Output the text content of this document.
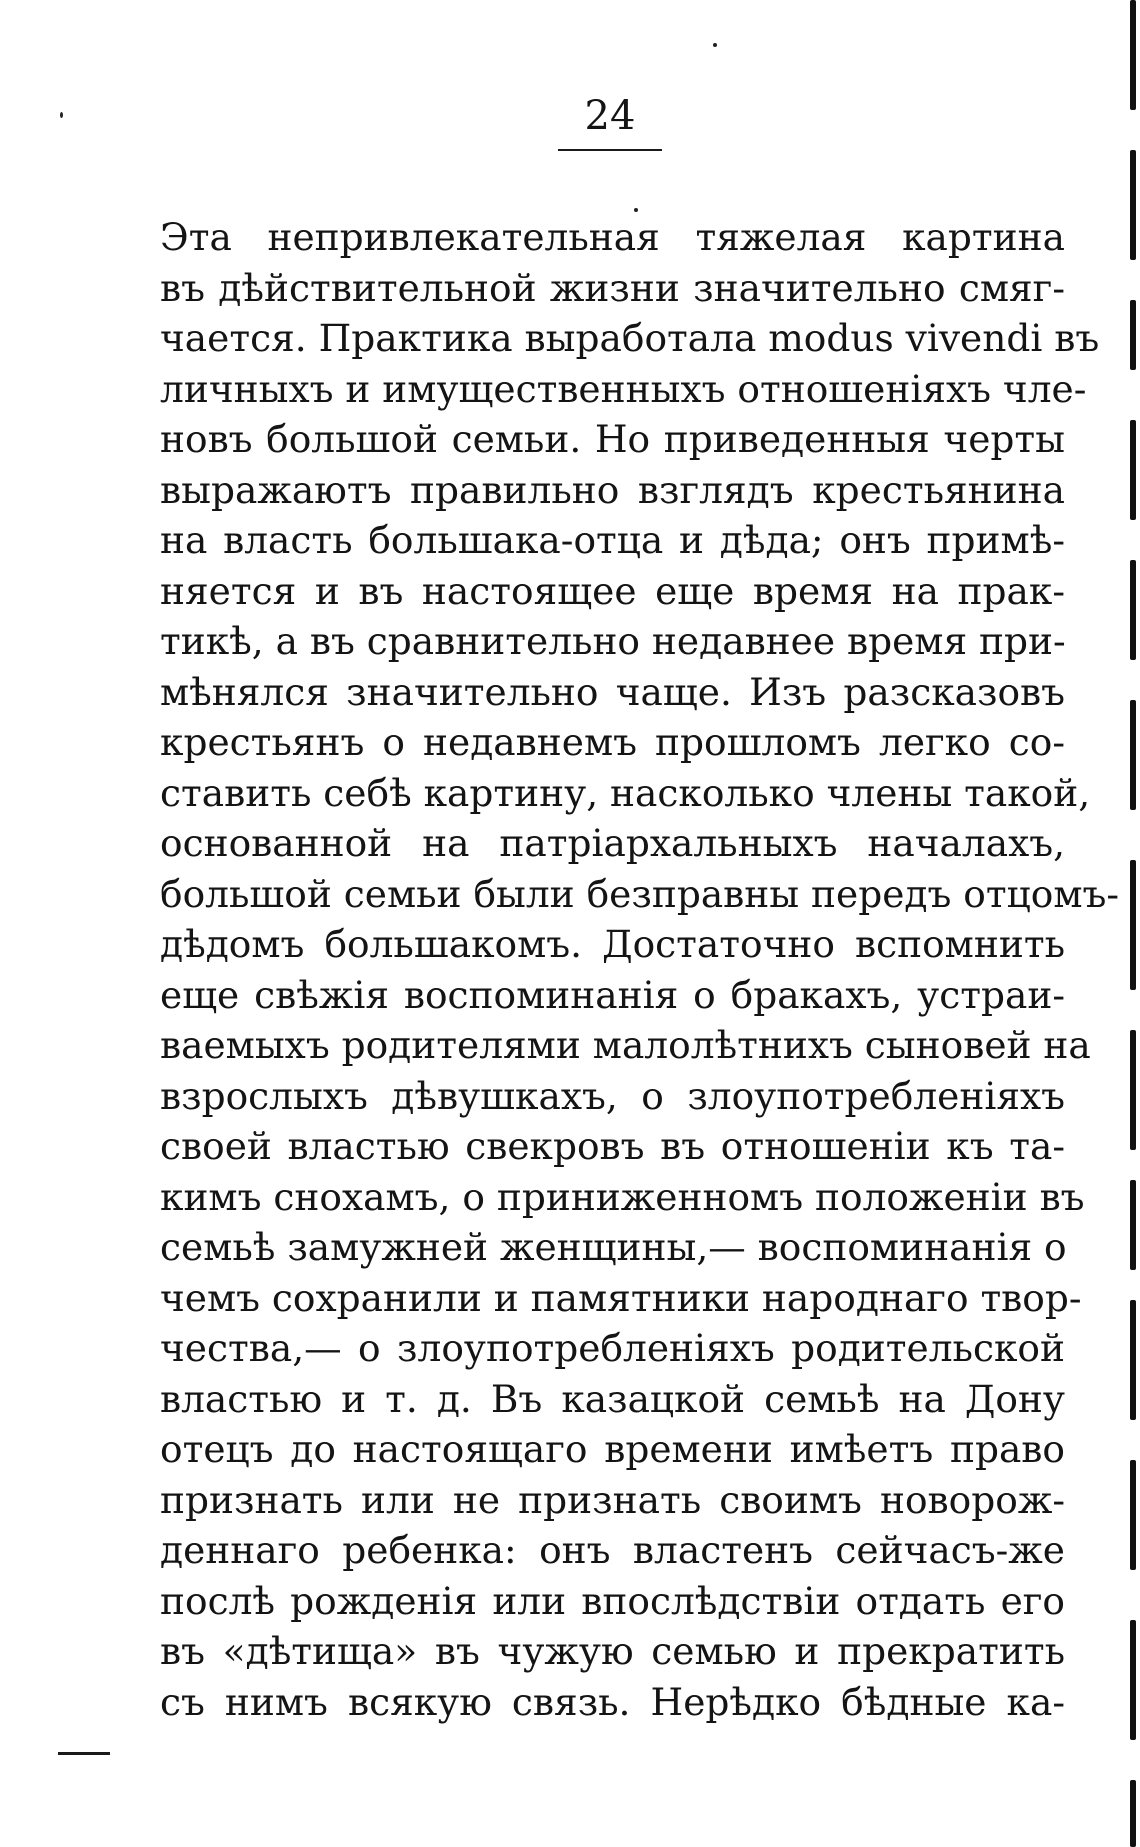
24
Эта непривлекательная тяжелая картина
въ дѣйствительной жизни значительно смяг-
чается. Практика выработала modus vivendi въ
личныхъ и имущественныхъ отношеніяхъ чле-
новъ большой семьи. Но приведенныя черты
выражаютъ правильно взглядъ крестьянина
на власть большака-отца и дѣда; онъ примѣ-
няется и въ настоящее еще время на прак-
тикѣ, а въ сравнительно недавнее время при-
мѣнялся значительно чаще. Изъ разсказовъ
крестьянъ о недавнемъ прошломъ легко со-
ставить себѣ картину, насколько члены такой,
основанной на патріархальныхъ началахъ,
большой семьи были безправны передъ отцомъ-
дѣдомъ большакомъ. Достаточно вспомнить
еще свѣжія воспоминанія о бракахъ, устраи-
ваемыхъ родителями малолѣтнихъ сыновей на
взрослыхъ дѣвушкахъ, о злоупотребленіяхъ
своей властью свекровъ въ отношеніи къ та-
кимъ снохамъ, о приниженномъ положеніи въ
семьѣ замужней женщины,— воспоминанія о
чемъ сохранили и памятники народнаго твор-
чества,— о злоупотребленіяхъ родительской
властью и т. д. Въ казацкой семьѣ на Дону
отецъ до настоящаго времени имѣетъ право
признать или не признать своимъ новорож-
деннаго ребенка: онъ властенъ сейчасъ-же
послѣ рожденія или впослѣдствіи отдать его
въ «дѣтища» въ чужую семью и прекратить
съ нимъ всякую связь. Нерѣдко бѣдные ка-
